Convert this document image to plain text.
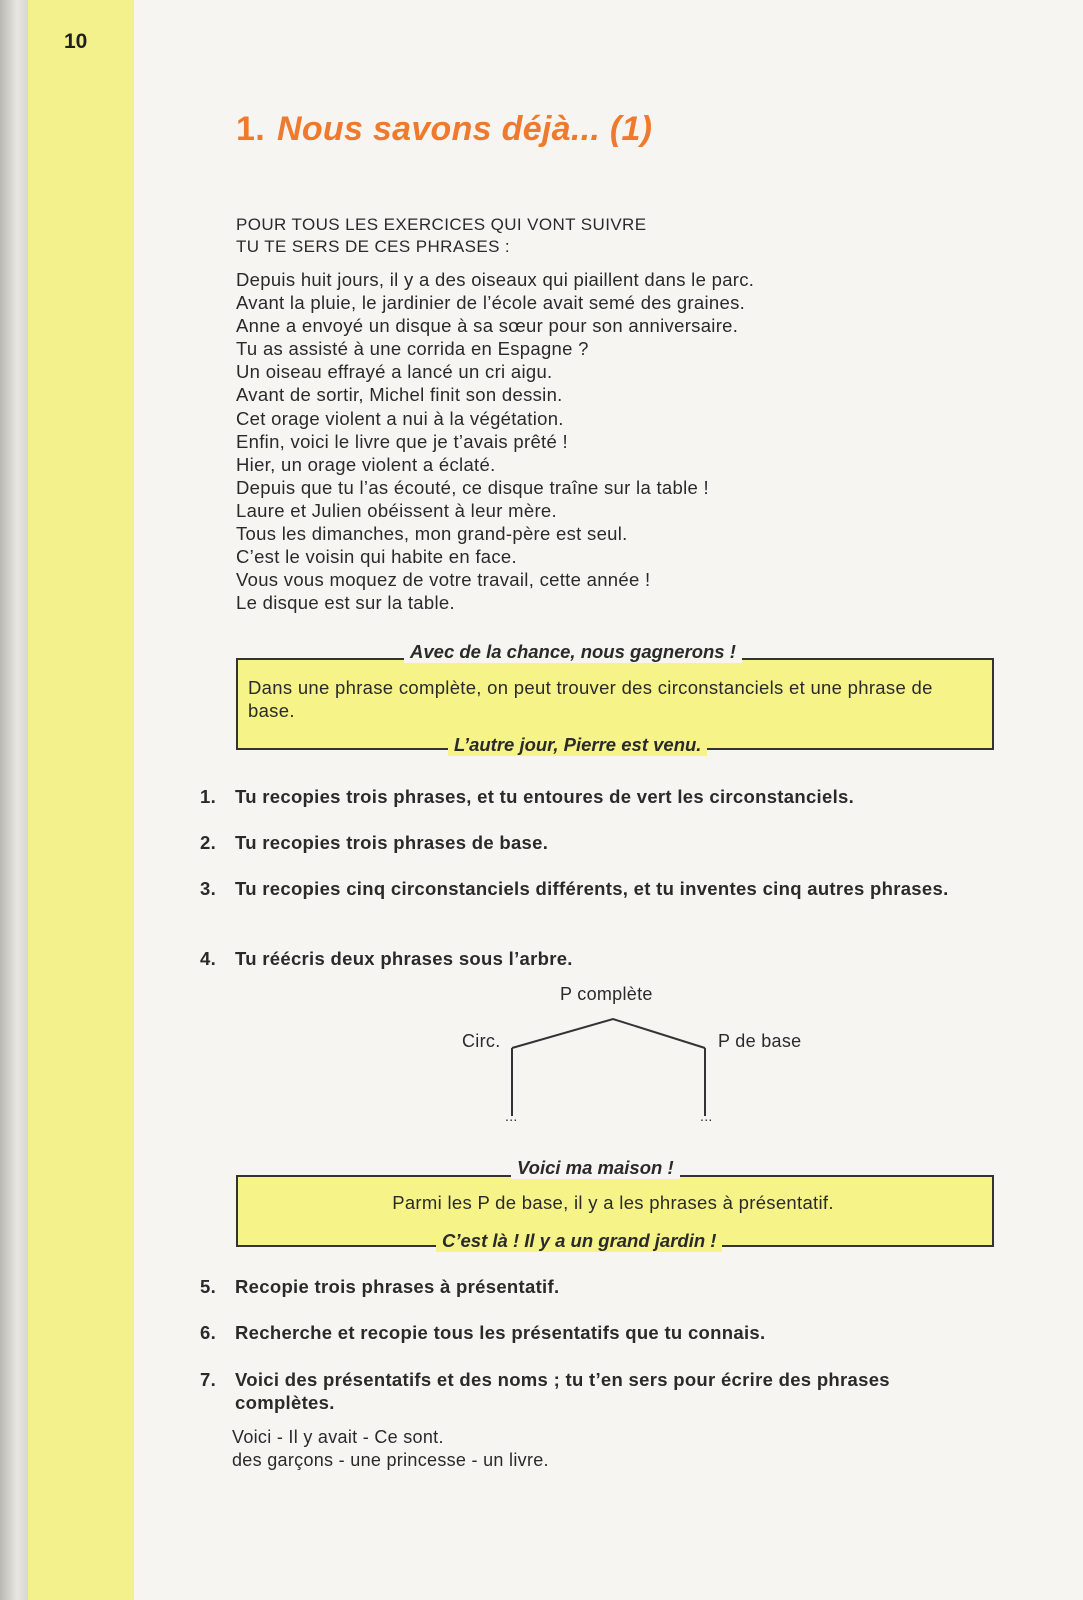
10
1. Nous savons déjà... (1)
POUR TOUS LES EXERCICES QUI VONT SUIVRE
TU TE SERS DE CES PHRASES :
Depuis huit jours, il y a des oiseaux qui piaillent dans le parc.
Avant la pluie, le jardinier de l’école avait semé des graines.
Anne a envoyé un disque à sa sœur pour son anniversaire.
Tu as assisté à une corrida en Espagne ?
Un oiseau effrayé a lancé un cri aigu.
Avant de sortir, Michel finit son dessin.
Cet orage violent a nui à la végétation.
Enfin, voici le livre que je t’avais prêté !
Hier, un orage violent a éclaté.
Depuis que tu l’as écouté, ce disque traîne sur la table !
Laure et Julien obéissent à leur mère.
Tous les dimanches, mon grand-père est seul.
C’est le voisin qui habite en face.
Vous vous moquez de votre travail, cette année !
Le disque est sur la table.
Avec de la chance, nous gagnerons !
Dans une phrase complète, on peut trouver des circonstanciels et une phrase de base.
L’autre jour, Pierre est venu.
1.	Tu recopies trois phrases, et tu entoures de vert les circonstanciels.
2.	Tu recopies trois phrases de base.
3.	Tu recopies cinq circonstanciels différents, et tu inventes cinq autres phrases.
4.	Tu réécris deux phrases sous l’arbre.
P complète
Circ.	P de base
...	...
Voici ma maison !
Parmi les P de base, il y a les phrases à présentatif.
C’est là ! Il y a un grand jardin !
5.	Recopie trois phrases à présentatif.
6.	Recherche et recopie tous les présentatifs que tu connais.
7.	Voici des présentatifs et des noms ; tu t’en sers pour écrire des phrases complètes.
Voici - Il y avait - Ce sont.
des garçons - une princesse - un livre.
